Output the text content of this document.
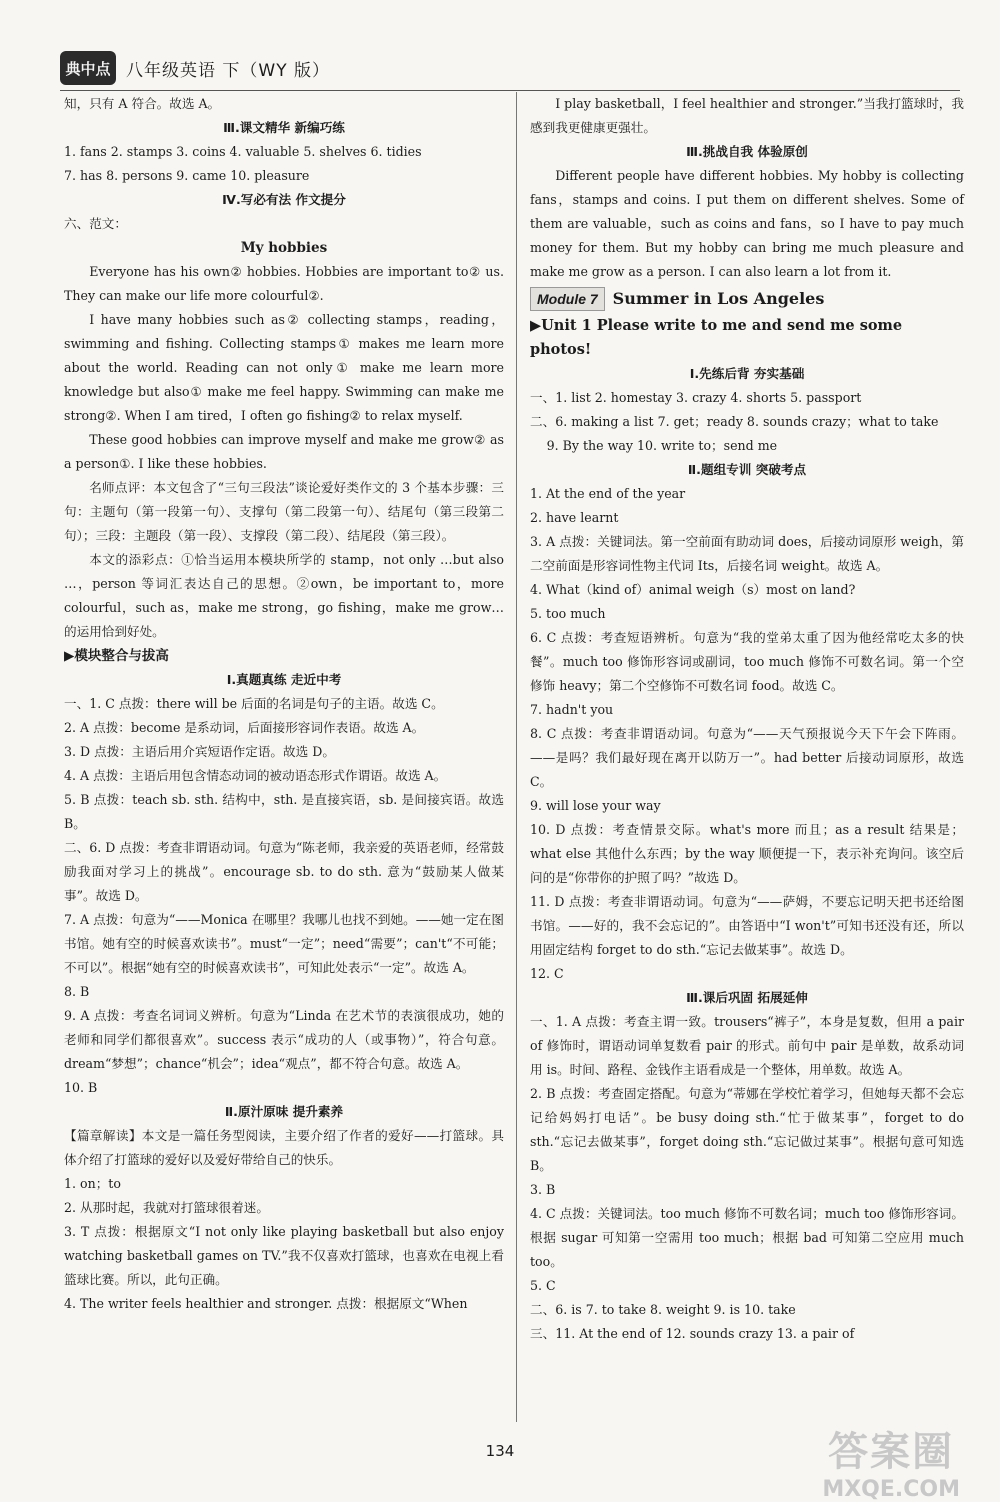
典中点 八年级英语 下（WY 版）
知，只有 A 符合。故选 A。
Ⅲ.课文精华 新编巧练
1. fans 2. stamps 3. coins 4. valuable 5. shelves 6. tidies
7. has 8. persons 9. came 10. pleasure
Ⅳ.写必有法 作文提分
六、范文：
My hobbies
Everyone has his own② hobbies. Hobbies are important to② us. They can make our life more colourful②.
I have many hobbies such as② collecting stamps，reading，swimming and fishing. Collecting stamps① makes me learn more about the world. Reading can not only① make me learn more knowledge but also① make me feel happy. Swimming can make me strong②. When I am tired，I often go fishing② to relax myself.
These good hobbies can improve myself and make me grow② as a person①. I like these hobbies.
名师点评：本文包含了“三句三段法”谈论爱好类作文的 3 个基本步骤：三句：主题句（第一段第一句）、支撑句（第二段第一句）、结尾句（第三段第二句）；三段：主题段（第一段）、支撑段（第二段）、结尾段（第三段）。
本文的添彩点：①恰当运用本模块所学的 stamp，not only …but also …，person 等词汇表达自己的思想。②own，be important to，more colourful，such as，make me strong，go fishing，make me grow…的运用恰到好处。
▶模块整合与拔高
Ⅰ.真题真练 走近中考
一、1. C 点拨：there will be 后面的名词是句子的主语。故选 C。
2. A 点拨：become 是系动词，后面接形容词作表语。故选 A。
3. D 点拨：主语后用介宾短语作定语。故选 D。
4. A 点拨：主语后用包含情态动词的被动语态形式作谓语。故选 A。
5. B 点拨：teach sb. sth. 结构中，sth. 是直接宾语，sb. 是间接宾语。故选 B。
二、6. D 点拨：考查非谓语动词。句意为“陈老师，我亲爱的英语老师，经常鼓励我面对学习上的挑战”。encourage sb. to do sth. 意为“鼓励某人做某事”。故选 D。
7. A 点拨：句意为“——Monica 在哪里？我哪儿也找不到她。——她一定在图书馆。她有空的时候喜欢读书”。must“一定”；need“需要”；can't“不可能；不可以”。根据“她有空的时候喜欢读书”，可知此处表示“一定”。故选 A。
8. B
9. A 点拨：考查名词词义辨析。句意为“Linda 在艺术节的表演很成功，她的老师和同学们都很喜欢”。success 表示“成功的人（或事物）”，符合句意。dream“梦想”；chance“机会”；idea“观点”，都不符合句意。故选 A。
10. B
Ⅱ.原汁原味 提升素养
【篇章解读】本文是一篇任务型阅读，主要介绍了作者的爱好——打篮球。具体介绍了打篮球的爱好以及爱好带给自己的快乐。
1. on；to
2. 从那时起，我就对打篮球很着迷。
3. T 点拨：根据原文“I not only like playing basketball but also enjoy watching basketball games on TV.”我不仅喜欢打篮球，也喜欢在电视上看篮球比赛。所以，此句正确。
4. The writer feels healthier and stronger. 点拨：根据原文“When
I play basketball，I feel healthier and stronger.”当我打篮球时，我感到我更健康更强壮。
Ⅲ.挑战自我 体验原创
Different people have different hobbies. My hobby is collecting fans，stamps and coins. I put them on different shelves. Some of them are valuable，such as coins and fans，so I have to pay much money for them. But my hobby can bring me much pleasure and make me grow as a person. I can also learn a lot from it.
Module 7 Summer in Los Angeles
▶Unit 1 Please write to me and send me some photos!
Ⅰ.先练后背 夯实基础
一、1. list 2. homestay 3. crazy 4. shorts 5. passport
二、6. making a list 7. get；ready 8. sounds crazy；what to take
　 9. By the way 10. write to；send me
Ⅱ.题组专训 突破考点
1. At the end of the year
2. have learnt
3. A 点拨：关键词法。第一空前面有助动词 does，后接动词原形 weigh，第二空前面是形容词性物主代词 Its，后接名词 weight。故选 A。
4. What（kind of）animal weigh（s）most on land?
5. too much
6. C 点拨：考查短语辨析。句意为“我的堂弟太重了因为他经常吃太多的快餐”。much too 修饰形容词或副词，too much 修饰不可数名词。第一个空修饰 heavy；第二个空修饰不可数名词 food。故选 C。
7. hadn't you
8. C 点拨：考查非谓语动词。句意为“——天气预报说今天下午会下阵雨。——是吗？我们最好现在离开以防万一”。had better 后接动词原形，故选 C。
9. will lose your way
10. D 点拨：考查情景交际。what's more 而且；as a result 结果是；what else 其他什么东西；by the way 顺便提一下，表示补充询问。该空后问的是“你带你的护照了吗？”故选 D。
11. D 点拨：考查非谓语动词。句意为“——萨姆，不要忘记明天把书还给图书馆。——好的，我不会忘记的”。由答语中“I won't”可知书还没有还，所以用固定结构 forget to do sth.“忘记去做某事”。故选 D。
12. C
Ⅲ.课后巩固 拓展延伸
一、1. A 点拨：考查主谓一致。trousers“裤子”，本身是复数，但用 a pair of 修饰时，谓语动词单复数看 pair 的形式。前句中 pair 是单数，故系动词用 is。时间、路程、金钱作主语看成是一个整体，用单数。故选 A。
2. B 点拨：考查固定搭配。句意为“蒂娜在学校忙着学习，但她每天都不会忘记给妈妈打电话”。be busy doing sth.“忙于做某事”，forget to do sth.“忘记去做某事”，forget doing sth.“忘记做过某事”。根据句意可知选 B。
3. B
4. C 点拨：关键词法。too much 修饰不可数名词；much too 修饰形容词。根据 sugar 可知第一空需用 too much；根据 bad 可知第二空应用 much too。
5. C
二、6. is 7. to take 8. weight 9. is 10. take
三、11. At the end of 12. sounds crazy 13. a pair of
134	答案圈
MXQE.COM
